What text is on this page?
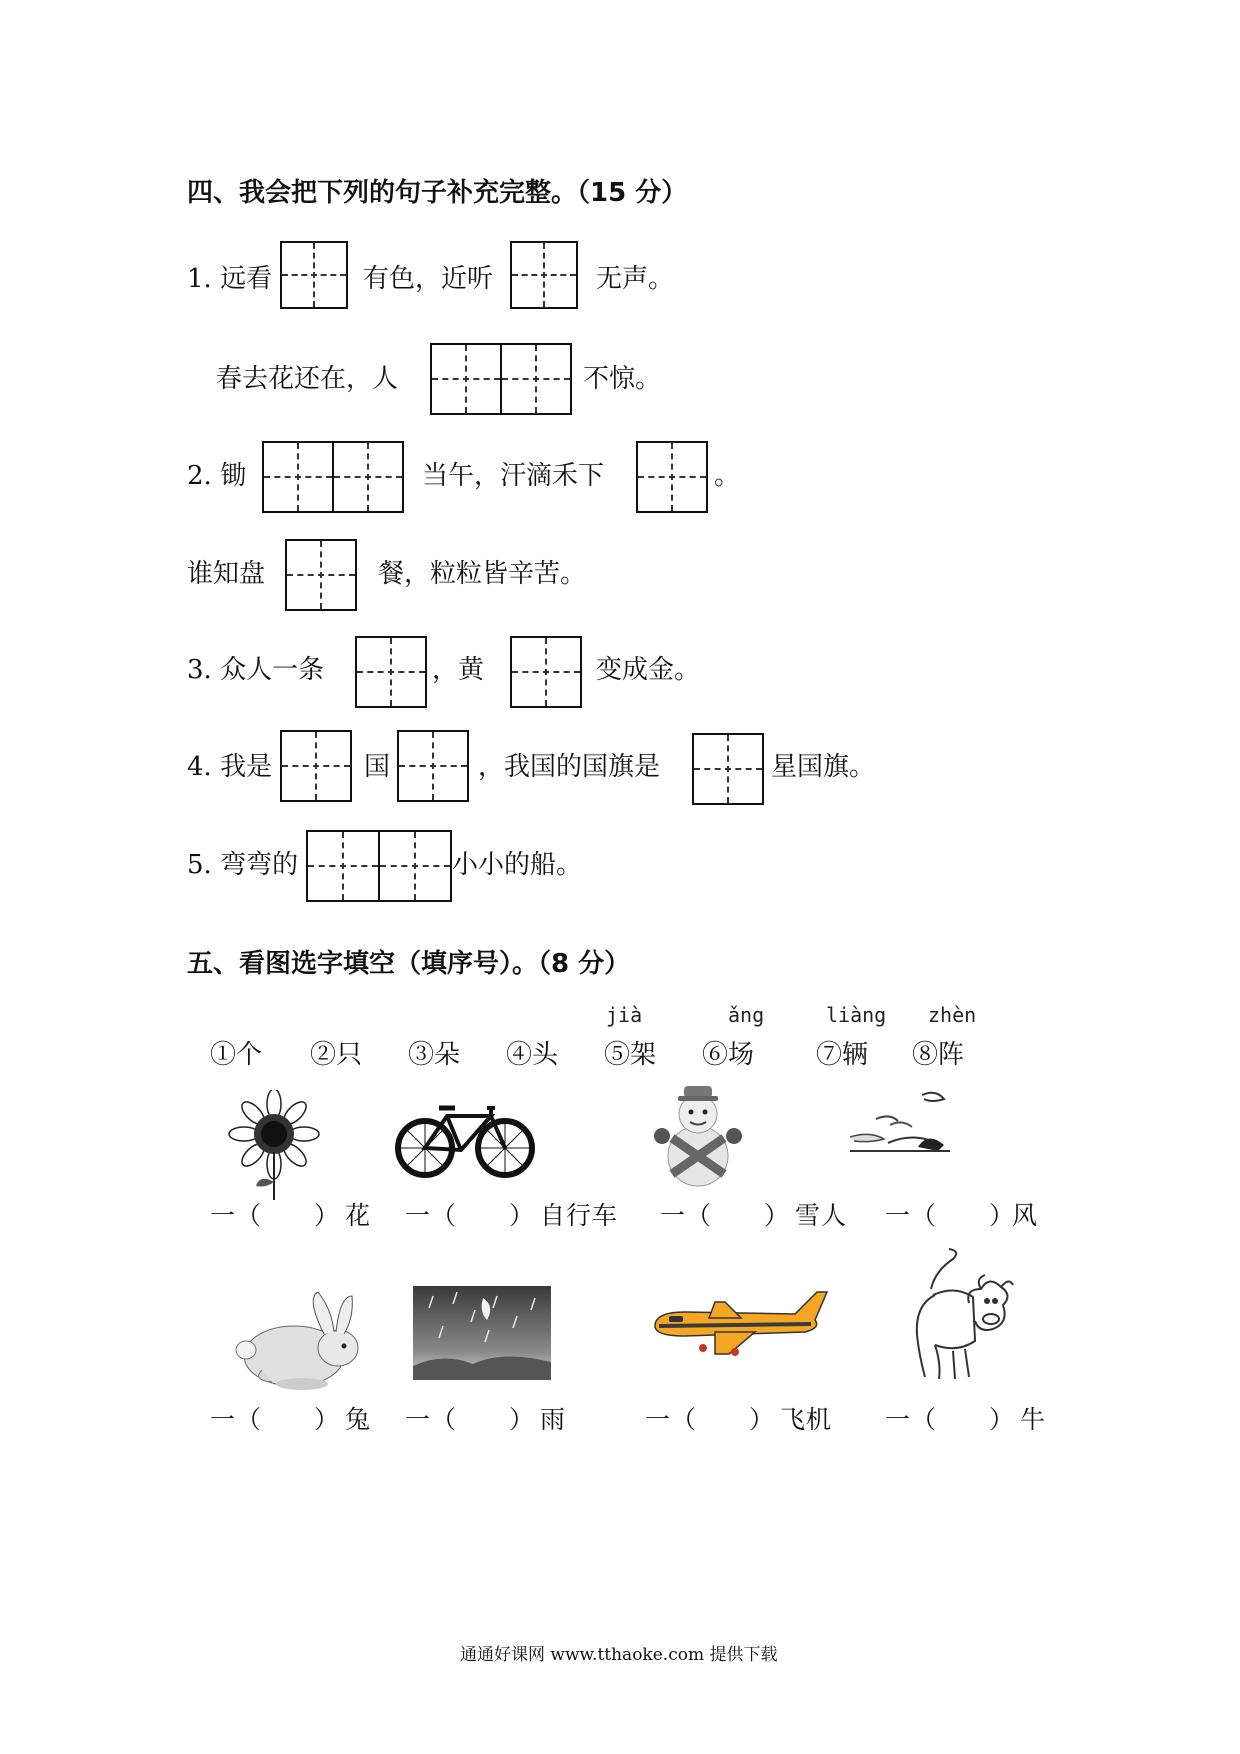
四、我会把下列的句子补充完整。（15 分）
1. 远看	有色，近听	无声。
春去花还在，人	不惊。
2. 锄	当午，汗滴禾下	。
谁知盘	餐，粒粒皆辛苦。
3. 众人一条	，黄	变成金。
4. 我是	国	，我国的国旗是	星国旗。
5. 弯弯的	小小的船。
五、看图选字填空（填序号）。（8 分）
jià	ǎng	liàng zhèn
①个 ②只 ③朵 ④头 ⑤架 ⑥场 ⑦辆 ⑧阵
一（　　） 花 一（　　） 自行车 一（　　） 雪人 一（　　）
风
一（　　） 兔 一（　　） 雨	一（　　） 飞机 一（　　） 牛
通通好课网 www.tthaoke.com 提供下载
